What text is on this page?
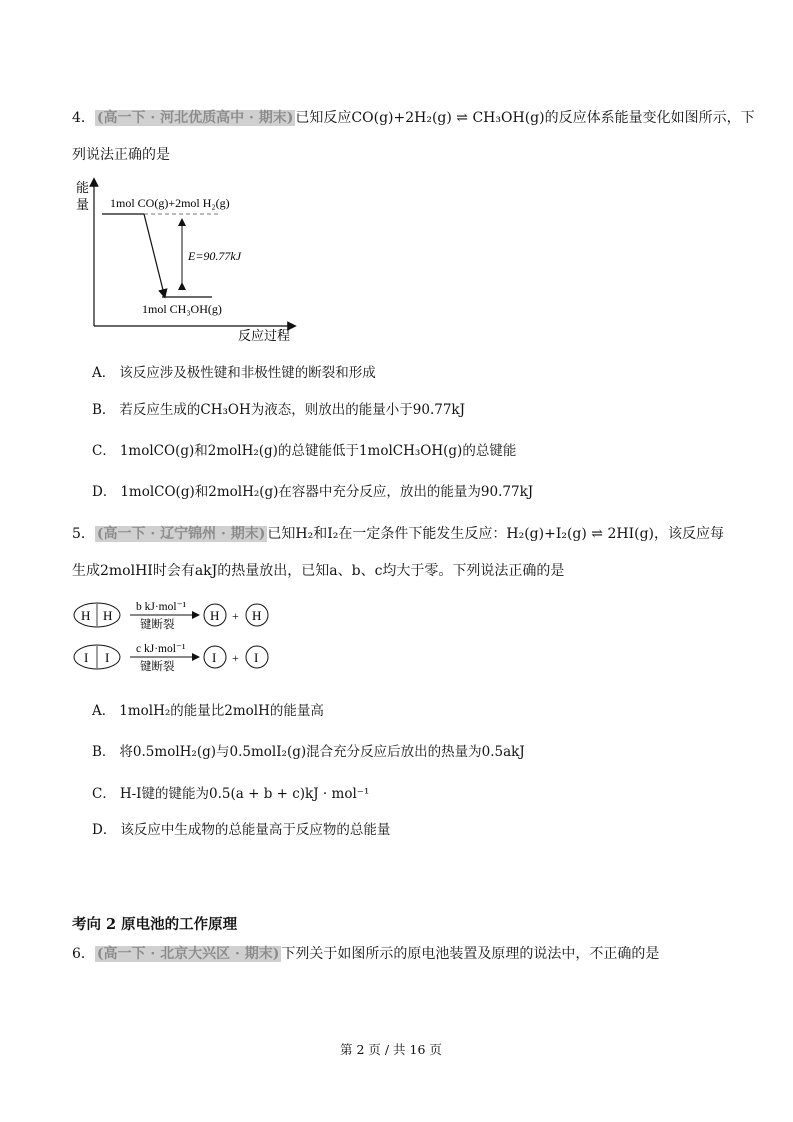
4． (高一下 · 河北优质高中 · 期末) 已知反应CO(g)+2H₂(g) ⇌ CH₃OH(g)的反应体系能量变化如图所示，下
列说法正确的是
能
量
反应过程
1mol CO(g)+2mol H₂(g)
1mol CH₃OH(g)
E=90.77kJ
A． 该反应涉及极性键和非极性键的断裂和形成
B． 若反应生成的CH₃OH为液态，则放出的能量小于90.77kJ
C． 1molCO(g)和2molH₂(g)的总键能低于1molCH₃OH(g)的总键能
D． 1molCO(g)和2molH₂(g)在容器中充分反应，放出的能量为90.77kJ
5． (高一下 · 辽宁锦州 · 期末) 已知H₂和I₂在一定条件下能发生反应：H₂(g)+I₂(g) ⇌ 2HI(g)，该反应每
生成2molHI时会有akJ的热量放出，已知a、b、c均大于零。下列说法正确的是
H H
b kJ·mol⁻¹
键断裂
H + H
I I
c kJ·mol⁻¹
键断裂
I + I
A． 1molH₂的能量比2molH的能量高
B． 将0.5molH₂(g)与0.5molI₂(g)混合充分反应后放出的热量为0.5akJ
C． H-I键的键能为0.5(a + b + c)kJ · mol⁻¹
D． 该反应中生成物的总能量高于反应物的总能量
考向 2 原电池的工作原理
6． (高一下 · 北京大兴区 · 期末) 下列关于如图所示的原电池装置及原理的说法中，不正确的是
第 2 页 / 共 16 页
